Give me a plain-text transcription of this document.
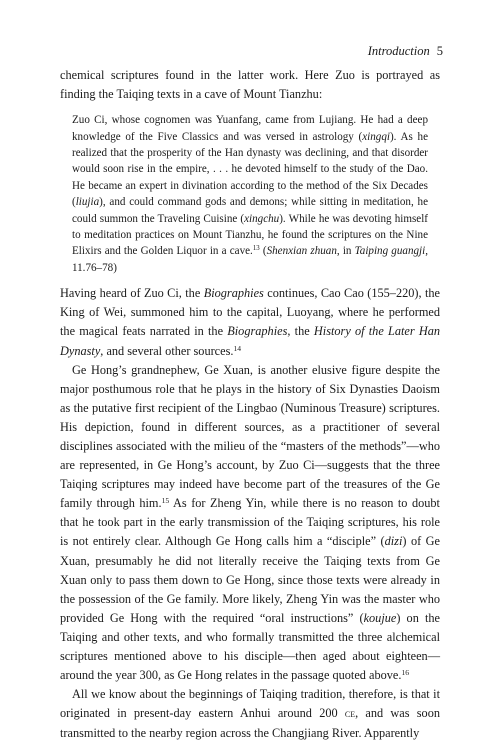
Introduction 5

chemical scriptures found in the latter work. Here Zuo is portrayed as finding the Taiqing texts in a cave of Mount Tianzhu:

Zuo Ci, whose cognomen was Yuanfang, came from Lujiang. He had a deep knowledge of the Five Classics and was versed in astrology (xingqi). As he realized that the prosperity of the Han dynasty was declining, and that disorder would soon rise in the empire, . . . he devoted himself to the study of the Dao. He became an expert in divination according to the method of the Six Decades (liujia), and could command gods and demons; while sitting in meditation, he could summon the Traveling Cuisine (xingchu). While he was devoting himself to meditation practices on Mount Tianzhu, he found the scriptures on the Nine Elixirs and the Golden Liquor in a cave.$^{13}$ (Shenxian zhuan, in Taiping guangji, 11.76–78)

Having heard of Zuo Ci, the Biographies continues, Cao Cao (155–220), the King of Wei, summoned him to the capital, Luoyang, where he performed the magical feats narrated in the Biographies, the History of the Later Han Dynasty, and several other sources.$^{14}$

Ge Hong’s grandnephew, Ge Xuan, is another elusive figure despite the major posthumous role that he plays in the history of Six Dynasties Daoism as the putative first recipient of the Lingbao (Numinous Treasure) scriptures. His depiction, found in different sources, as a practitioner of several disciplines associated with the milieu of the “masters of the methods”—who are represented, in Ge Hong’s account, by Zuo Ci—suggests that the three Taiqing scriptures may indeed have become part of the treasures of the Ge family through him.$^{15}$ As for Zheng Yin, while there is no reason to doubt that he took part in the early transmission of the Taiqing scriptures, his role is not entirely clear. Although Ge Hong calls him a “disciple” (dizi) of Ge Xuan, presumably he did not literally receive the Taiqing texts from Ge Xuan only to pass them down to Ge Hong, since those texts were already in the possession of the Ge family. More likely, Zheng Yin was the master who provided Ge Hong with the required “oral instructions” (koujue) on the Taiqing and other texts, and who formally transmitted the three alchemical scriptures mentioned above to his disciple—then aged about eighteen—around the year 300, as Ge Hong relates in the passage quoted above.$^{16}$

All we know about the beginnings of Taiqing tradition, therefore, is that it originated in present-day eastern Anhui around 200 ce, and was soon transmitted to the nearby region across the Changjiang River. Apparently
